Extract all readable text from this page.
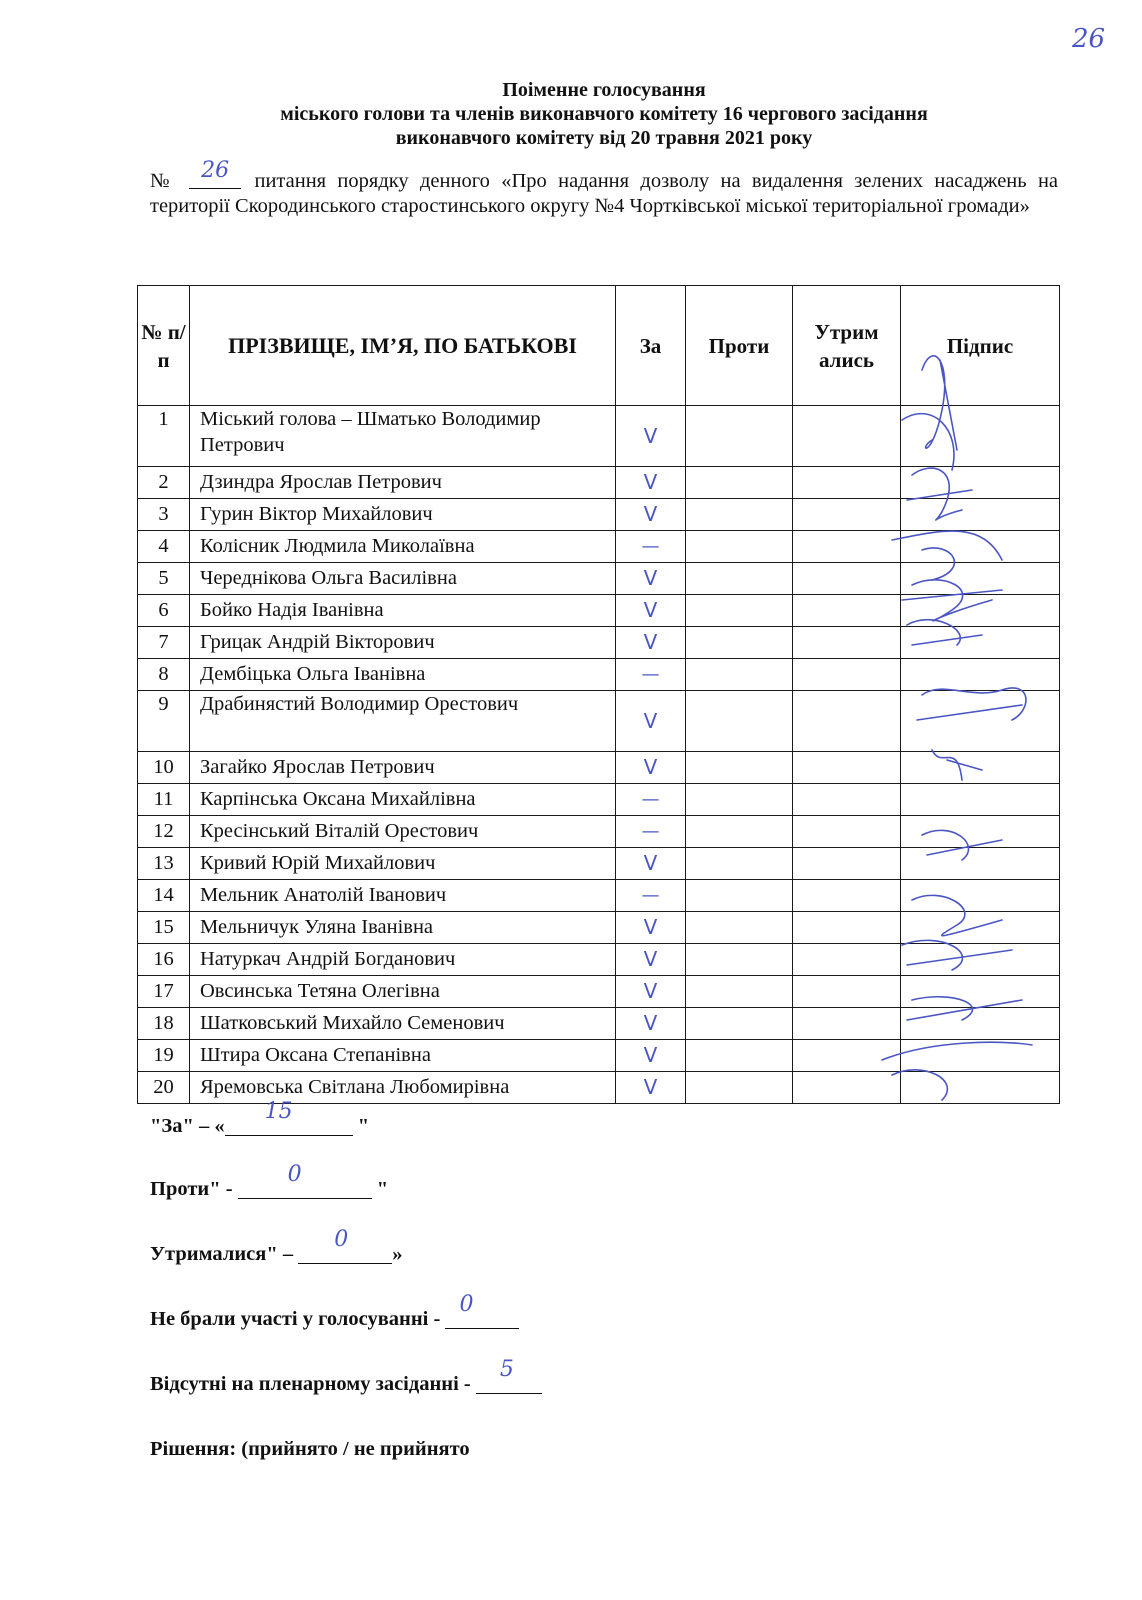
26
Поіменне голосування
міського голови та членів виконавчого комітету 16 чергового засідання
виконавчого комітету від 20 травня 2021 року
№ 26 питання порядку денного «Про надання дозволу на видалення зелених насаджень на території Скородинського старостинського округу №4 Чортківської міської територіальної громади»
№ п/ п	ПРІЗВИЩЕ, ІМ’Я, ПО БАТЬКОВІ	За	Проти	Утрим ались	Підпис
1	Міський голова – Шматько Володимир Петрович	V			
2	Дзиндра Ярослав Петрович	V			
3	Гурин Віктор Михайлович	V			
4	Колісник Людмила Миколаївна	—			
5	Череднікова Ольга Василівна	V			
6	Бойко Надія Іванівна	V			
7	Грицак Андрій Вікторович	V			
8	Дембіцька Ольга Іванівна	—			
9	Драбинястий Володимир Орестович	V			
10	Загайко Ярослав Петрович	V			
11	Карпінська Оксана Михайлівна	—			
12	Кресінський Віталій Орестович	—			
13	Кривий Юрій Михайлович	V			
14	Мельник Анатолій Іванович	—			
15	Мельничук Уляна Іванівна	V			
16	Натуркач Андрій Богданович	V			
17	Овсинська Тетяна Олегівна	V			
18	Шатковський Михайло Семенович	V			
19	Штира Оксана Степанівна	V			
20	Яремовська Світлана Любомирівна	V			
"За" – «
15
"
Проти" -
0
"
Утрималися" –
0
»
Не брали участі у голосуванні -
0
Відсутні на пленарному засіданні -
5
Рішення: (прийнято / не прийнято
